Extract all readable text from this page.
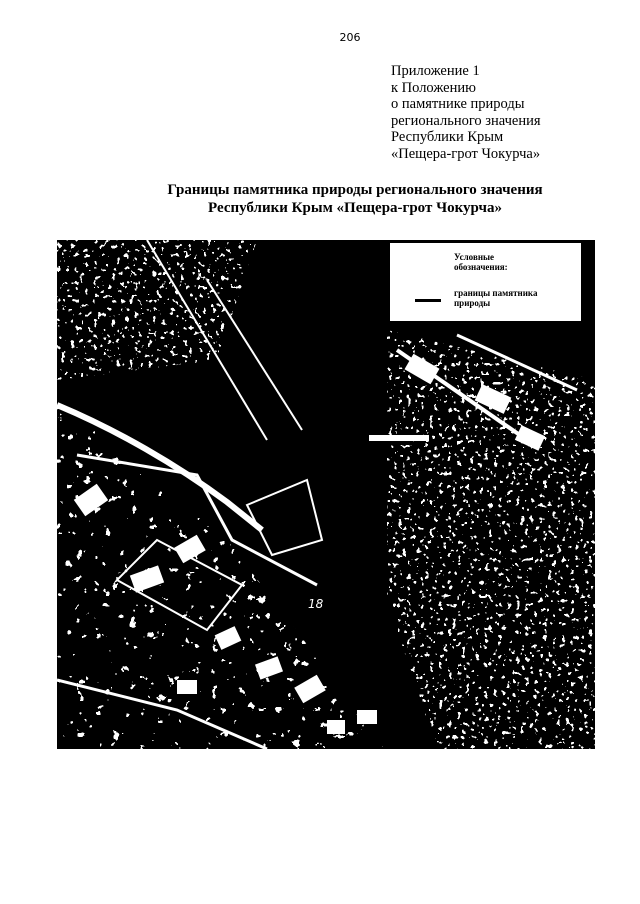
206
Приложение 1
к Положению
о памятнике природы
регионального значения
Республики Крым
«Пещера-грот Чокурча»
Границы памятника природы регионального значения
Республики Крым «Пещера-грот Чокурча»
18
Условные
обозначения:
границы памятника
природы
